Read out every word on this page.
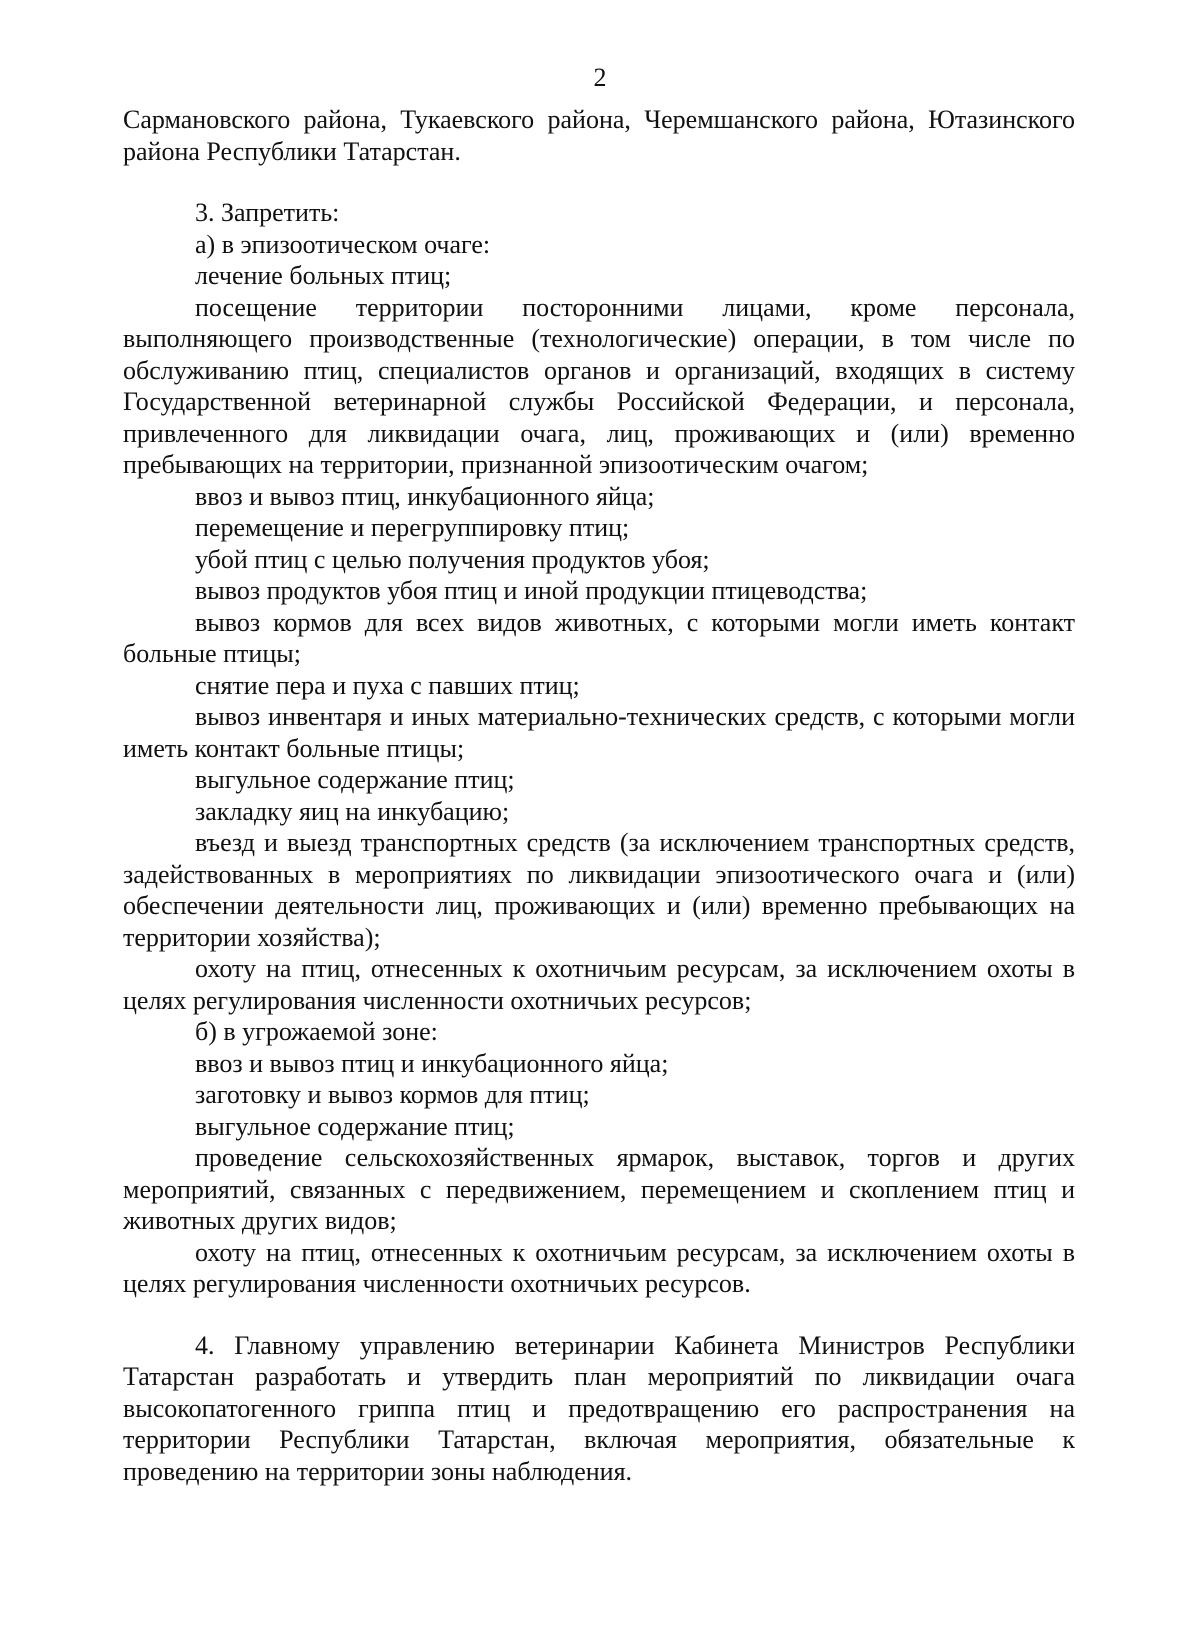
2

Сармановского района, Тукаевского района, Черемшанского района, Ютазинского района Республики Татарстан.

3. Запретить:

а) в эпизоотическом очаге:

лечение больных птиц;

посещение территории посторонними лицами, кроме персонала, выполняющего производственные (технологические) операции, в том числе по обслуживанию птиц, специалистов органов и организаций, входящих в систему Государственной ветеринарной службы Российской Федерации, и персонала, привлеченного для ликвидации очага, лиц, проживающих и (или) временно пребывающих на территории, признанной эпизоотическим очагом;

ввоз и вывоз птиц, инкубационного яйца;

перемещение и перегруппировку птиц;

убой птиц с целью получения продуктов убоя;

вывоз продуктов убоя птиц и иной продукции птицеводства;

вывоз кормов для всех видов животных, с которыми могли иметь контакт больные птицы;

снятие пера и пуха с павших птиц;

вывоз инвентаря и иных материально-технических средств, с которыми могли иметь контакт больные птицы;

выгульное содержание птиц;

закладку яиц на инкубацию;

въезд и выезд транспортных средств (за исключением транспортных средств, задействованных в мероприятиях по ликвидации эпизоотического очага и (или) обеспечении деятельности лиц, проживающих и (или) временно пребывающих на территории хозяйства);

охоту на птиц, отнесенных к охотничьим ресурсам, за исключением охоты в целях регулирования численности охотничьих ресурсов;

б) в угрожаемой зоне:

ввоз и вывоз птиц и инкубационного яйца;

заготовку и вывоз кормов для птиц;

выгульное содержание птиц;

проведение сельскохозяйственных ярмарок, выставок, торгов и других мероприятий, связанных с передвижением, перемещением и скоплением птиц и животных других видов;

охоту на птиц, отнесенных к охотничьим ресурсам, за исключением охоты в целях регулирования численности охотничьих ресурсов.

4. Главному управлению ветеринарии Кабинета Министров Республики Татарстан разработать и утвердить план мероприятий по ликвидации очага высокопатогенного гриппа птиц и предотвращению его распространения на территории Республики Татарстан, включая мероприятия, обязательные к проведению на территории зоны наблюдения.
